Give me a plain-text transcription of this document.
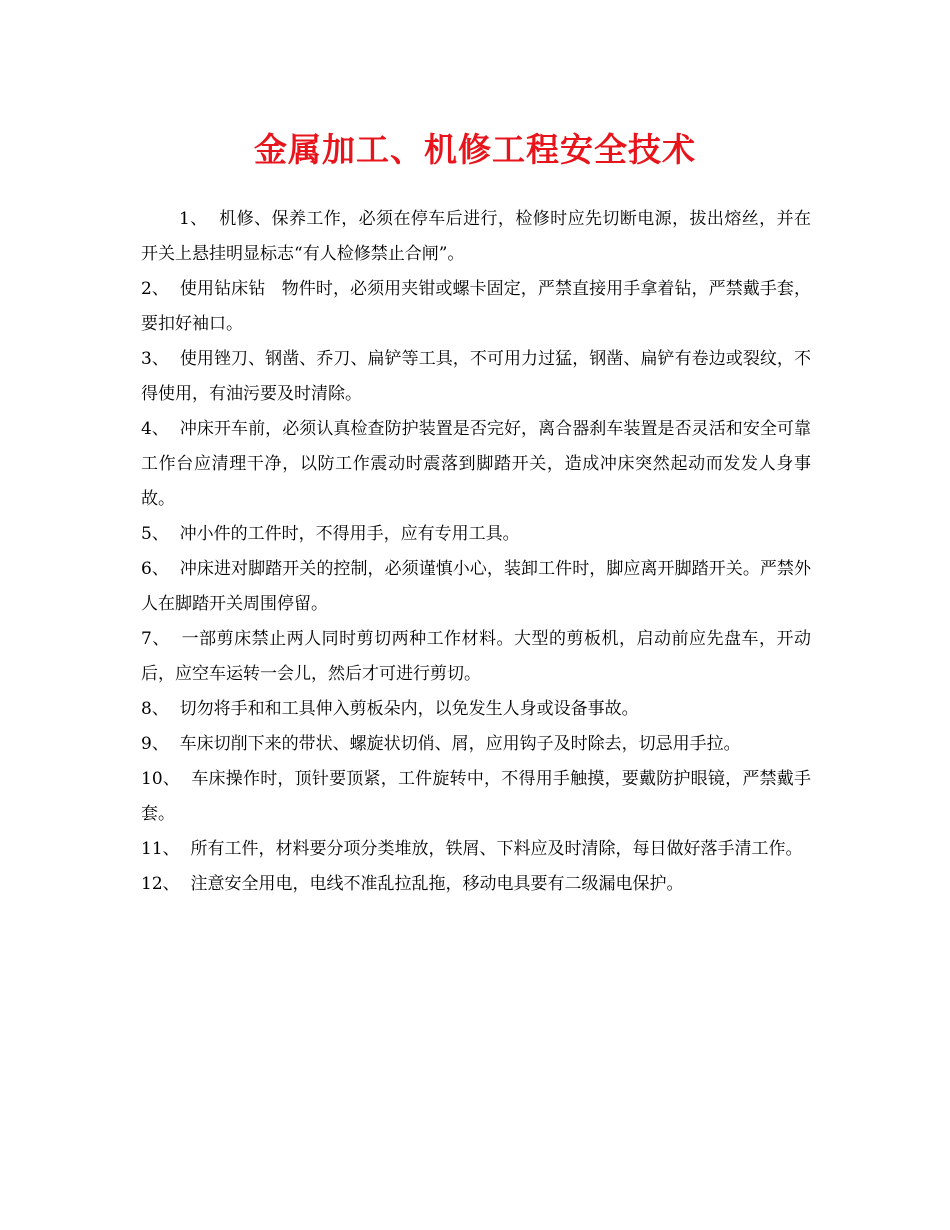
金属加工、机修工程安全技术

1、  机修、保养工作，必须在停车后进行，检修时应先切断电源，拔出熔丝，并在开关上悬挂明显标志“有人检修禁止合闸”。

2、  使用钻床钻   物件时，必须用夹钳或螺卡固定，严禁直接用手拿着钻，严禁戴手套，要扣好袖口。

3、  使用锉刀、钢凿、乔刀、扁铲等工具，不可用力过猛，钢凿、扁铲有卷边或裂纹，不得使用，有油污要及时清除。

4、  冲床开车前，必须认真检查防护装置是否完好，离合器刹车装置是否灵活和安全可靠工作台应清理干净，以防工作震动时震落到脚踏开关，造成冲床突然起动而发发人身事故。

5、  冲小件的工件时，不得用手，应有专用工具。

6、  冲床进对脚踏开关的控制，必须谨慎小心，装卸工件时，脚应离开脚踏开关。严禁外人在脚踏开关周围停留。

7、  一部剪床禁止两人同时剪切两种工作材料。大型的剪板机，启动前应先盘车，开动后，应空车运转一会儿，然后才可进行剪切。

8、  切勿将手和和工具伸入剪板朵内，以免发生人身或设备事故。

9、  车床切削下来的带状、螺旋状切俏、屑，应用钩子及时除去，切忌用手拉。

10、  车床操作时，顶针要顶紧，工件旋转中，不得用手触摸，要戴防护眼镜，严禁戴手套。

11、  所有工件，材料要分项分类堆放，铁屑、下料应及时清除，每日做好落手清工作。

12、  注意安全用电，电线不准乱拉乱拖，移动电具要有二级漏电保护。
